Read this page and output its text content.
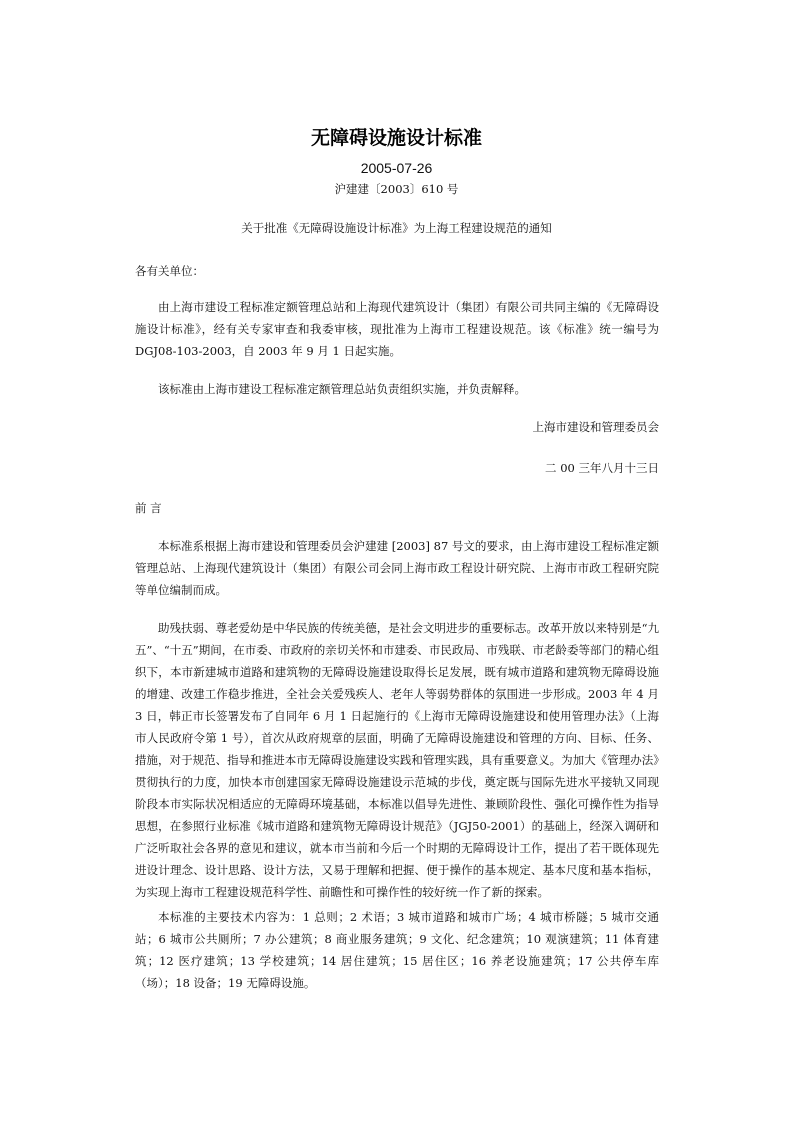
无障碍设施设计标准
2005-07-26
沪建建〔2003〕610 号
关于批准《无障碍设施设计标准》为上海工程建设规范的通知
各有关单位：
由上海市建设工程标准定额管理总站和上海现代建筑设计（集团）有限公司共同主编的《无障碍设施设计标准》，经有关专家审查和我委审核，现批准为上海市工程建设规范。该《标准》统一编号为 DGJ08-103-2003，自 2003 年 9 月 1 日起实施。
该标准由上海市建设工程标准定额管理总站负责组织实施，并负责解释。
上海市建设和管理委员会
二 00 三年八月十三日
前 言
本标准系根据上海市建设和管理委员会沪建建 [2003] 87 号文的要求，由上海市建设工程标准定额管理总站、上海现代建筑设计（集团）有限公司会同上海市政工程设计研究院、上海市市政工程研究院等单位编制而成。
助残扶弱、尊老爱幼是中华民族的传统美德，是社会文明进步的重要标志。改革开放以来特别是“九五”、“十五”期间，在市委、市政府的亲切关怀和市建委、市民政局、市残联、市老龄委等部门的精心组织下，本市新建城市道路和建筑物的无障碍设施建设取得长足发展，既有城市道路和建筑物无障碍设施的增建、改建工作稳步推进，全社会关爱残疾人、老年人等弱势群体的氛围进一步形成。2003 年 4 月 3 日，韩正市长签署发布了自同年 6 月 1 日起施行的《上海市无障碍设施建设和使用管理办法》（上海市人民政府令第 1 号），首次从政府规章的层面，明确了无障碍设施建设和管理的方向、目标、任务、措施，对于规范、指导和推进本市无障碍设施建设实践和管理实践，具有重要意义。为加大《管理办法》贯彻执行的力度，加快本市创建国家无障碍设施建设示范城的步伐，奠定既与国际先进水平接轨又同现阶段本市实际状况相适应的无障碍环境基础，本标准以倡导先进性、兼顾阶段性、强化可操作性为指导思想，在参照行业标准《城市道路和建筑物无障碍设计规范》（JGJ50-2001）的基础上，经深入调研和广泛听取社会各界的意见和建议，就本市当前和今后一个时期的无障碍设计工作，提出了若干既体现先进设计理念、设计思路、设计方法，又易于理解和把握、便于操作的基本规定、基本尺度和基本指标，为实现上海市工程建设规范科学性、前瞻性和可操作性的较好统一作了新的探索。
本标准的主要技术内容为：1 总则；2 术语；3 城市道路和城市广场；4 城市桥隧；5 城市交通站；6 城市公共厕所；7 办公建筑；8 商业服务建筑；9 文化、纪念建筑；10 观演建筑；11 体育建筑；12 医疗建筑；13 学校建筑；14 居住建筑；15 居住区；16 养老设施建筑；17 公共停车库（场）；18 设备；19 无障碍设施。
